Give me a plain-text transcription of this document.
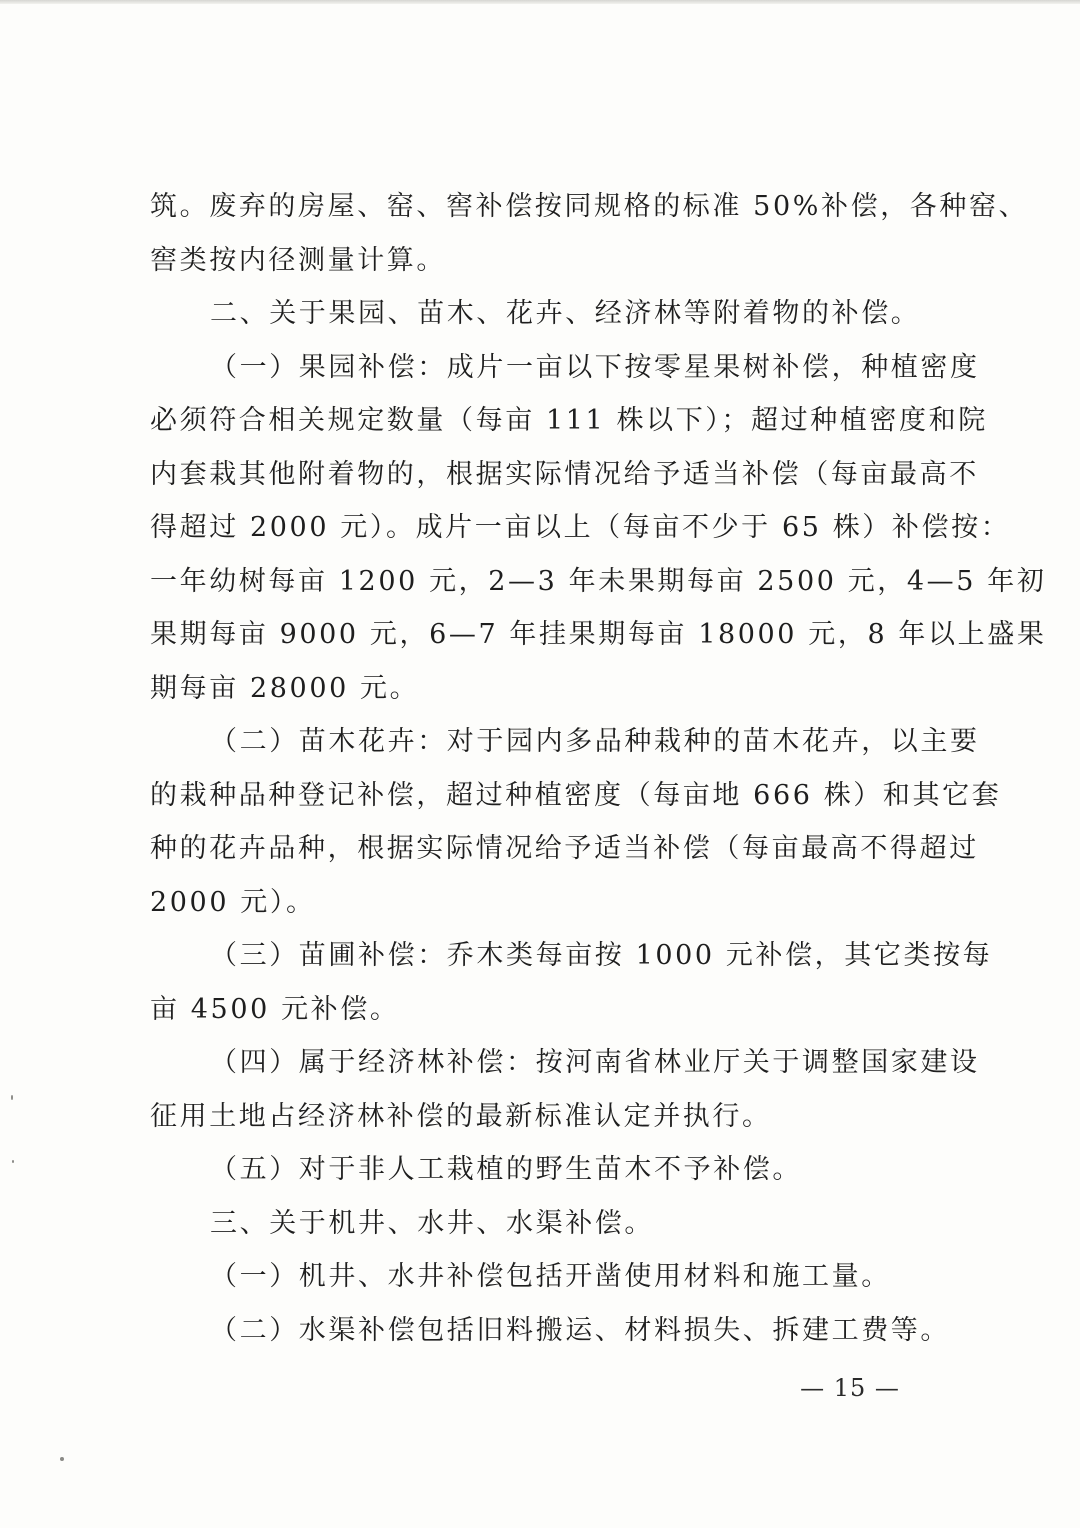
筑。废弃的房屋、窑、窖补偿按同规格的标准 50%补偿，各种窑、
窖类按内径测量计算。
二、关于果园、苗木、花卉、经济林等附着物的补偿。
（一）果园补偿：成片一亩以下按零星果树补偿，种植密度
必须符合相关规定数量（每亩 111 株以下）；超过种植密度和院
内套栽其他附着物的，根据实际情况给予适当补偿（每亩最高不
得超过 2000 元）。成片一亩以上（每亩不少于 65 株）补偿按：
一年幼树每亩 1200 元，2—3 年未果期每亩 2500 元，4—5 年初
果期每亩 9000 元，6—7 年挂果期每亩 18000 元，8 年以上盛果
期每亩 28000 元。
（二）苗木花卉：对于园内多品种栽种的苗木花卉，以主要
的栽种品种登记补偿，超过种植密度（每亩地 666 株）和其它套
种的花卉品种，根据实际情况给予适当补偿（每亩最高不得超过
2000 元）。
（三）苗圃补偿：乔木类每亩按 1000 元补偿，其它类按每
亩 4500 元补偿。
（四）属于经济林补偿：按河南省林业厅关于调整国家建设
征用土地占经济林补偿的最新标准认定并执行。
（五）对于非人工栽植的野生苗木不予补偿。
三、关于机井、水井、水渠补偿。
（一）机井、水井补偿包括开凿使用材料和施工量。
（二）水渠补偿包括旧料搬运、材料损失、拆建工费等。
— 15 —
